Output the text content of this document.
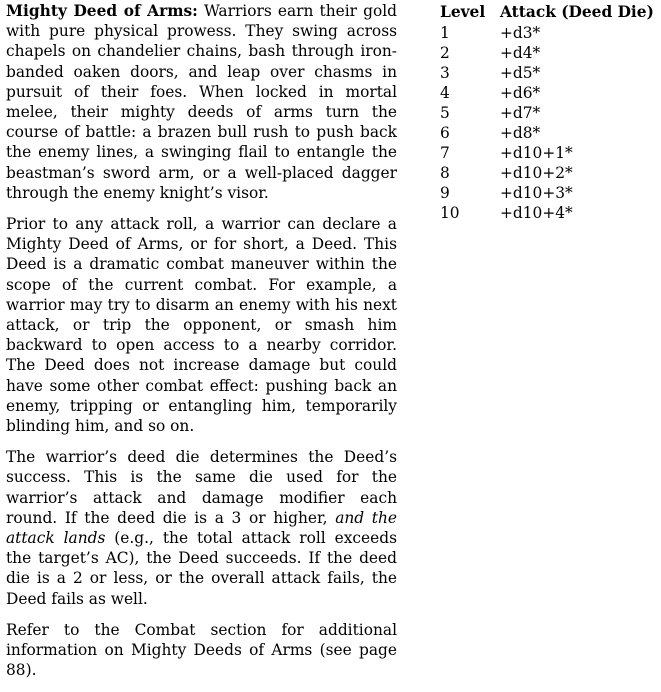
Mighty Deed of Arms: Warriors earn their gold with pure physical prowess. They swing across chapels on chandelier chains, bash through iron-banded oaken doors, and leap over chasms in pursuit of their foes. When locked in mortal melee, their mighty deeds of arms turn the course of battle: a brazen bull rush to push back the enemy lines, a swinging flail to entangle the beastman’s sword arm, or a well-placed dagger through the enemy knight’s visor.

Prior to any attack roll, a warrior can declare a Mighty Deed of Arms, or for short, a Deed. This Deed is a dramatic combat maneuver within the scope of the current combat. For example, a warrior may try to disarm an enemy with his next attack, or trip the opponent, or smash him backward to open access to a nearby corridor. The Deed does not increase damage but could have some other combat effect: pushing back an enemy, tripping or entangling him, temporarily blinding him, and so on.

The warrior’s deed die determines the Deed’s success. This is the same die used for the warrior’s attack and damage modifier each round. If the deed die is a 3 or higher, and the attack lands (e.g., the total attack roll exceeds the target’s AC), the Deed succeeds. If the deed die is a 2 or less, or the overall attack fails, the Deed fails as well.

Refer to the Combat section for additional information on Mighty Deeds of Arms (see page 88).

Level	Attack (Deed Die)
1	+d3*
2	+d4*
3	+d5*
4	+d6*
5	+d7*
6	+d8*
7	+d10+1*
8	+d10+2*
9	+d10+3*
10	+d10+4*
